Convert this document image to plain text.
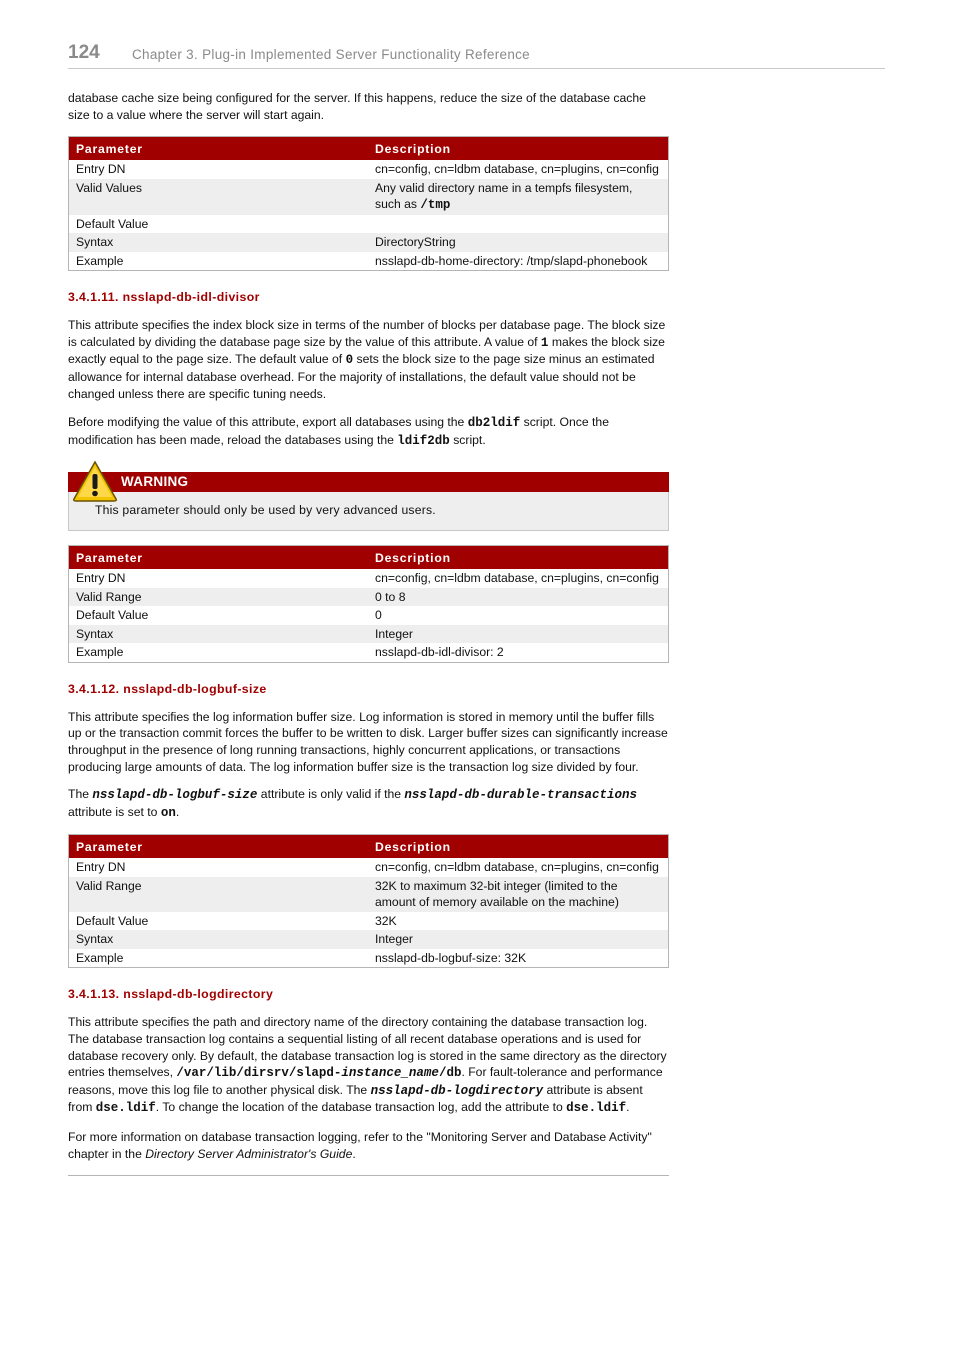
124 Chapter 3. Plug-in Implemented Server Functionality Reference

database cache size being configured for the server. If this happens, reduce the size of the database cache size to a value where the server will start again.

Parameter	Description
Entry DN	cn=config, cn=ldbm database, cn=plugins, cn=config
Valid Values	Any valid directory name in a tempfs filesystem, such as /tmp
Default Value	
Syntax	DirectoryString
Example	nsslapd-db-home-directory: /tmp/slapd-phonebook
3.4.1.11. nsslapd-db-idl-divisor

This attribute specifies the index block size in terms of the number of blocks per database page. The block size is calculated by dividing the database page size by the value of this attribute. A value of 1 makes the block size exactly equal to the page size. The default value of 0 sets the block size to the page size minus an estimated allowance for internal database overhead. For the majority of installations, the default value should not be changed unless there are specific tuning needs.

Before modifying the value of this attribute, export all databases using the db2ldif script. Once the modification has been made, reload the databases using the ldif2db script.

WARNING
This parameter should only be used by very advanced users.
Parameter	Description
Entry DN	cn=config, cn=ldbm database, cn=plugins, cn=config
Valid Range	0 to 8
Default Value	0
Syntax	Integer
Example	nsslapd-db-idl-divisor: 2
3.4.1.12. nsslapd-db-logbuf-size

This attribute specifies the log information buffer size. Log information is stored in memory until the buffer fills up or the transaction commit forces the buffer to be written to disk. Larger buffer sizes can significantly increase throughput in the presence of long running transactions, highly concurrent applications, or transactions producing large amounts of data. The log information buffer size is the transaction log size divided by four.

The nsslapd-db-logbuf-size attribute is only valid if the nsslapd-db-durable-transactions attribute is set to on.

Parameter	Description
Entry DN	cn=config, cn=ldbm database, cn=plugins, cn=config
Valid Range	32K to maximum 32-bit integer (limited to the amount of memory available on the machine)
Default Value	32K
Syntax	Integer
Example	nsslapd-db-logbuf-size: 32K
3.4.1.13. nsslapd-db-logdirectory

This attribute specifies the path and directory name of the directory containing the database transaction log. The database transaction log contains a sequential listing of all recent database operations and is used for database recovery only. By default, the database transaction log is stored in the same directory as the directory entries themselves, /var/lib/dirsrv/slapd-instance_name/db. For fault-tolerance and performance reasons, move this log file to another physical disk. The nsslapd-db-logdirectory attribute is absent from dse.ldif. To change the location of the database transaction log, add the attribute to dse.ldif.

For more information on database transaction logging, refer to the "Monitoring Server and Database Activity" chapter in the Directory Server Administrator's Guide.
